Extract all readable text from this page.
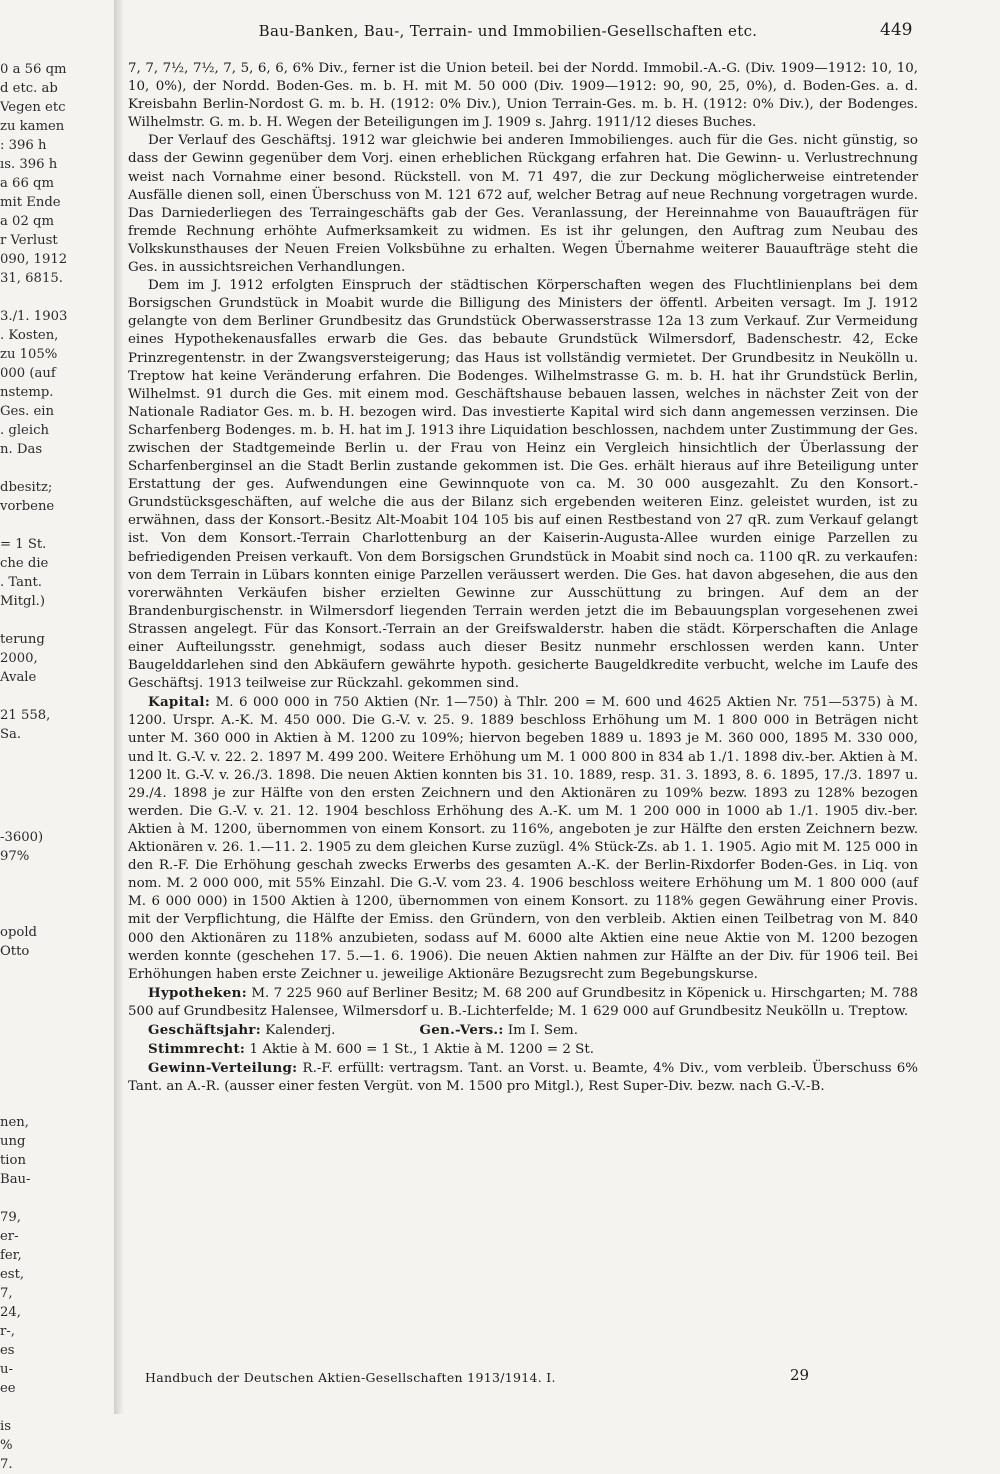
0 a 56 qm
d etc. ab
Vegen etc
zu kamen
: 396 h
ıs. 396 h
a 66 qm
mit Ende
a 02 qm
r Verlust
090, 1912
31, 6815.

3./1. 1903
. Kosten,
zu 105%
000 (auf
nstemp.
Ges. ein
. gleich
n. Das

dbesitz;
vorbene

= 1 St.
che die
. Tant.
Mitgl.)

terung
2000,
Avale

21 558,
Sa.
-3600)
97%

opold
Otto

nen,
ung
tion
Bau-

79,
er-
fer,
est,
7,
24,
r-,
es
u-
ee

is
%
7.
Bau-Banken, Bau-, Terrain- und Immobilien-Gesellschaften etc.	449

7, 7, 7½, 7½, 7, 5, 6, 6, 6% Div., ferner ist die Union beteil. bei der Nordd. Immobil.-A.-G. (Div. 1909—1912: 10, 10, 10, 0%), der Nordd. Boden-Ges. m. b. H. mit M. 50 000 (Div. 1909—1912: 90, 90, 25, 0%), d. Boden-Ges. a. d. Kreisbahn Berlin-Nordost G. m. b. H. (1912: 0% Div.), Union Terrain-Ges. m. b. H. (1912: 0% Div.), der Bodenges. Wilhelmstr. G. m. b. H. Wegen der Beteiligungen im J. 1909 s. Jahrg. 1911/12 dieses Buches.

Der Verlauf des Geschäftsj. 1912 war gleichwie bei anderen Immobilienges. auch für die Ges. nicht günstig, so dass der Gewinn gegenüber dem Vorj. einen erheblichen Rückgang erfahren hat. Die Gewinn- u. Verlustrechnung weist nach Vornahme einer besond. Rückstell. von M. 71 497, die zur Deckung möglicherweise eintretender Ausfälle dienen soll, einen Überschuss von M. 121 672 auf, welcher Betrag auf neue Rechnung vorgetragen wurde. Das Darniederliegen des Terraingeschäfts gab der Ges. Veranlassung, der Hereinnahme von Bauaufträgen für fremde Rechnung erhöhte Aufmerksamkeit zu widmen. Es ist ihr gelungen, den Auftrag zum Neubau des Volkskunsthauses der Neuen Freien Volksbühne zu erhalten. Wegen Übernahme weiterer Bauaufträge steht die Ges. in aussichtsreichen Verhandlungen.

Dem im J. 1912 erfolgten Einspruch der städtischen Körperschaften wegen des Fluchtlinienplans bei dem Borsigschen Grundstück in Moabit wurde die Billigung des Ministers der öffentl. Arbeiten versagt. Im J. 1912 gelangte von dem Berliner Grundbesitz das Grundstück Oberwasserstrasse 12a 13 zum Verkauf. Zur Vermeidung eines Hypothekenausfalles erwarb die Ges. das bebaute Grundstück Wilmersdorf, Badenschestr. 42, Ecke Prinzregentenstr. in der Zwangsversteigerung; das Haus ist vollständig vermietet. Der Grundbesitz in Neukölln u. Treptow hat keine Veränderung erfahren. Die Bodenges. Wilhelmstrasse G. m. b. H. hat ihr Grundstück Berlin, Wilhelmst. 91 durch die Ges. mit einem mod. Geschäftshause bebauen lassen, welches in nächster Zeit von der Nationale Radiator Ges. m. b. H. bezogen wird. Das investierte Kapital wird sich dann angemessen verzinsen. Die Scharfenberg Bodenges. m. b. H. hat im J. 1913 ihre Liquidation beschlossen, nachdem unter Zustimmung der Ges. zwischen der Stadtgemeinde Berlin u. der Frau von Heinz ein Vergleich hinsichtlich der Überlassung der Scharfenberginsel an die Stadt Berlin zustande gekommen ist. Die Ges. erhält hieraus auf ihre Beteiligung unter Erstattung der ges. Aufwendungen eine Gewinnquote von ca. M. 30 000 ausgezahlt. Zu den Konsort.-Grundstücksgeschäften, auf welche die aus der Bilanz sich ergebenden weiteren Einz. geleistet wurden, ist zu erwähnen, dass der Konsort.-Besitz Alt-Moabit 104 105 bis auf einen Restbestand von 27 qR. zum Verkauf gelangt ist. Von dem Konsort.-Terrain Charlottenburg an der Kaiserin-Augusta-Allee wurden einige Parzellen zu befriedigenden Preisen verkauft. Von dem Borsigschen Grundstück in Moabit sind noch ca. 1100 qR. zu verkaufen: von dem Terrain in Lübars konnten einige Parzellen veräussert werden. Die Ges. hat davon abgesehen, die aus den vorerwähnten Verkäufen bisher erzielten Gewinne zur Ausschüttung zu bringen. Auf dem an der Brandenburgischenstr. in Wilmersdorf liegenden Terrain werden jetzt die im Bebauungsplan vorgesehenen zwei Strassen angelegt. Für das Konsort.-Terrain an der Greifswalderstr. haben die städt. Körperschaften die Anlage einer Aufteilungsstr. genehmigt, sodass auch dieser Besitz nunmehr erschlossen werden kann. Unter Baugelddarlehen sind den Abkäufern gewährte hypoth. gesicherte Baugeldkredite verbucht, welche im Laufe des Geschäftsj. 1913 teilweise zur Rückzahl. gekommen sind.

Kapital: M. 6 000 000 in 750 Aktien (Nr. 1—750) à Thlr. 200 = M. 600 und 4625 Aktien Nr. 751—5375) à M. 1200. Urspr. A.-K. M. 450 000. Die G.-V. v. 25. 9. 1889 beschloss Erhöhung um M. 1 800 000 in Beträgen nicht unter M. 360 000 in Aktien à M. 1200 zu 109%; hiervon begeben 1889 u. 1893 je M. 360 000, 1895 M. 330 000, und lt. G.-V. v. 22. 2. 1897 M. 499 200. Weitere Erhöhung um M. 1 000 800 in 834 ab 1./1. 1898 div.-ber. Aktien à M. 1200 lt. G.-V. v. 26./3. 1898. Die neuen Aktien konnten bis 31. 10. 1889, resp. 31. 3. 1893, 8. 6. 1895, 17./3. 1897 u. 29./4. 1898 je zur Hälfte von den ersten Zeichnern und den Aktionären zu 109% bezw. 1893 zu 128% bezogen werden. Die G.-V. v. 21. 12. 1904 beschloss Erhöhung des A.-K. um M. 1 200 000 in 1000 ab 1./1. 1905 div.-ber. Aktien à M. 1200, übernommen von einem Konsort. zu 116%, angeboten je zur Hälfte den ersten Zeichnern bezw. Aktionären v. 26. 1.—11. 2. 1905 zu dem gleichen Kurse zuzügl. 4% Stück-Zs. ab 1. 1. 1905. Agio mit M. 125 000 in den R.-F. Die Erhöhung geschah zwecks Erwerbs des gesamten A.-K. der Berlin-Rixdorfer Boden-Ges. in Liq. von nom. M. 2 000 000, mit 55% Einzahl. Die G.-V. vom 23. 4. 1906 beschloss weitere Erhöhung um M. 1 800 000 (auf M. 6 000 000) in 1500 Aktien à 1200, übernommen von einem Konsort. zu 118% gegen Gewährung einer Provis. mit der Verpflichtung, die Hälfte der Emiss. den Gründern, von den verbleib. Aktien einen Teilbetrag von M. 840 000 den Aktionären zu 118% anzubieten, sodass auf M. 6000 alte Aktien eine neue Aktie von M. 1200 bezogen werden konnte (geschehen 17. 5.—1. 6. 1906). Die neuen Aktien nahmen zur Hälfte an der Div. für 1906 teil. Bei Erhöhungen haben erste Zeichner u. jeweilige Aktionäre Bezugsrecht zum Begebungskurse.

Hypotheken: M. 7 225 960 auf Berliner Besitz; M. 68 200 auf Grundbesitz in Köpenick u. Hirschgarten; M. 788 500 auf Grundbesitz Halensee, Wilmersdorf u. B.-Lichterfelde; M. 1 629 000 auf Grundbesitz Neukölln u. Treptow.

Geschäftsjahr: Kalenderj.	Gen.-Vers.: Im I. Sem.

Stimmrecht: 1 Aktie à M. 600 = 1 St., 1 Aktie à M. 1200 = 2 St.

Gewinn-Verteilung: R.-F. erfüllt: vertragsm. Tant. an Vorst. u. Beamte, 4% Div., vom verbleib. Überschuss 6% Tant. an A.-R. (ausser einer festen Vergüt. von M. 1500 pro Mitgl.), Rest Super-Div. bezw. nach G.-V.-B.

Handbuch der Deutschen Aktien-Gesellschaften 1913/1914. I.	29
